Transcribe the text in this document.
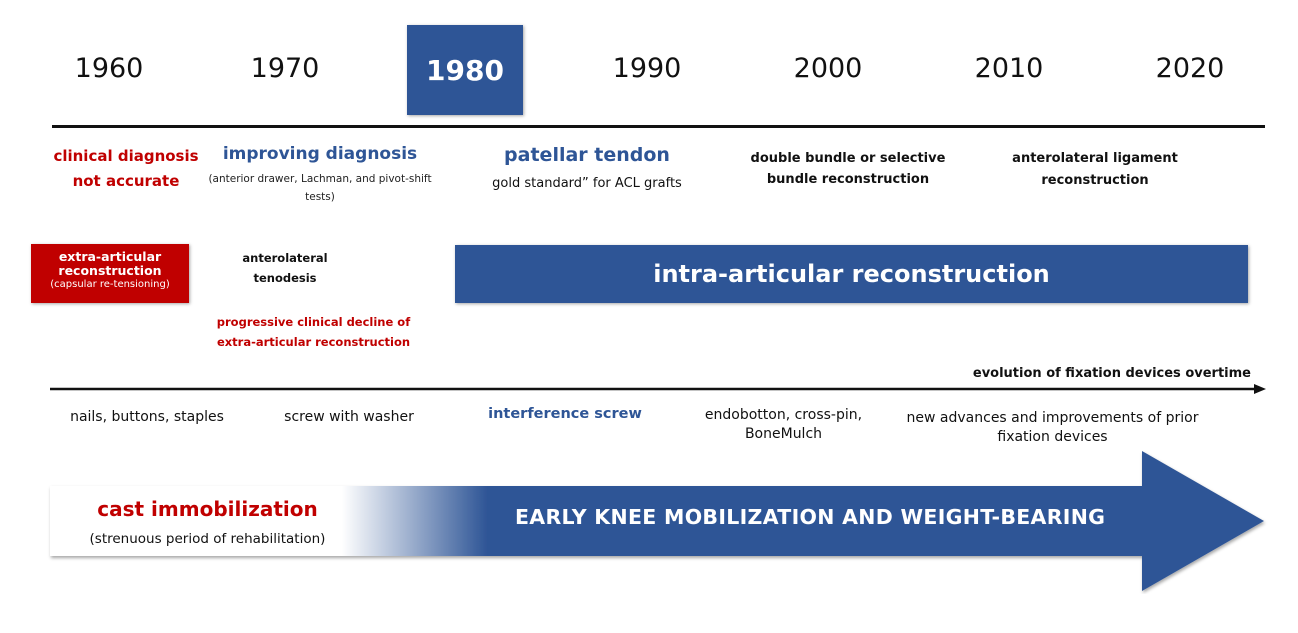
1960	1970	1980	1990	2000	2010	2020
clinical diagnosis
not accurate
improving diagnosis
(anterior drawer, Lachman, and pivot-shift tests)
patellar tendon
gold standard” for ACL grafts
double bundle or selective bundle reconstruction
anterolateral ligament reconstruction
extra-articular
reconstruction
(capsular re-tensioning)
anterolateral
tenodesis
progressive clinical decline of
extra-articular reconstruction
intra-articular reconstruction
evolution of fixation devices overtime
nails, buttons, staples	screw with washer	interference screw	endobotton, cross-pin, BoneMulch
new advances and improvements of prior fixation devices
cast immobilization
(strenuous period of rehabilitation)
EARLY KNEE MOBILIZATION AND WEIGHT-BEARING
